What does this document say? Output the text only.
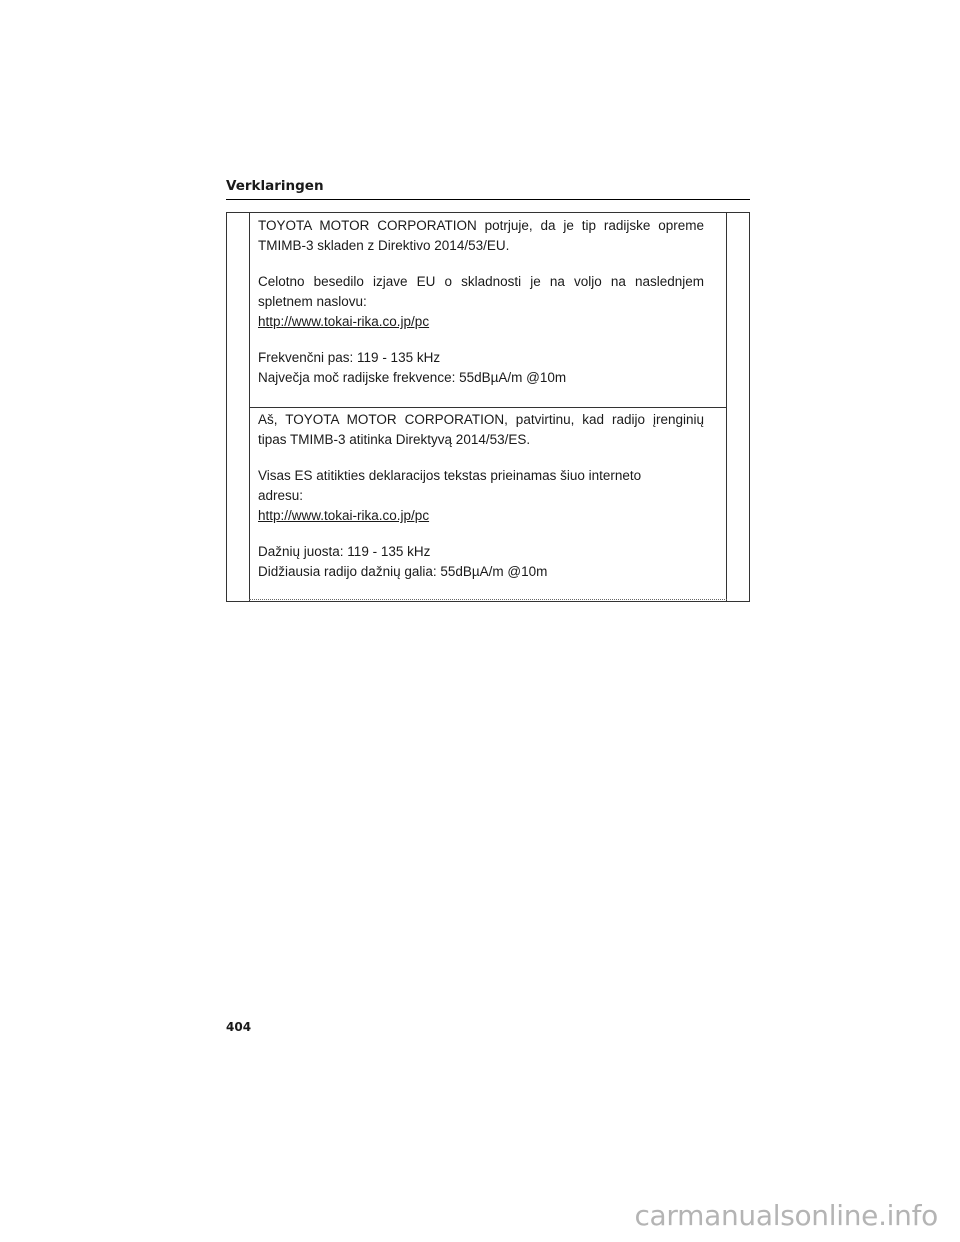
Verklaringen

TOYOTA MOTOR CORPORATION potrjuje, da je tip radijske opreme TMIMB-3 skladen z Direktivo 2014/53/EU.

Celotno besedilo izjave EU o skladnosti je na voljo na naslednjem spletnem naslovu:

http://www.tokai-rika.co.jp/pc

Frekvenčni pas: 119 - 135 kHz

Največja moč radijske frekvence: 55dBµA/m @10m

Aš, TOYOTA MOTOR CORPORATION, patvirtinu, kad radijo įrenginių tipas TMIMB-3 atitinka Direktyvą 2014/53/ES.

Visas ES atitikties deklaracijos tekstas prieinamas šiuo interneto
adresu:

http://www.tokai-rika.co.jp/pc

Dažnių juosta: 119 - 135 kHz

Didžiausia radijo dažnių galia: 55dBµA/m @10m

404
carmanualsonline.info
